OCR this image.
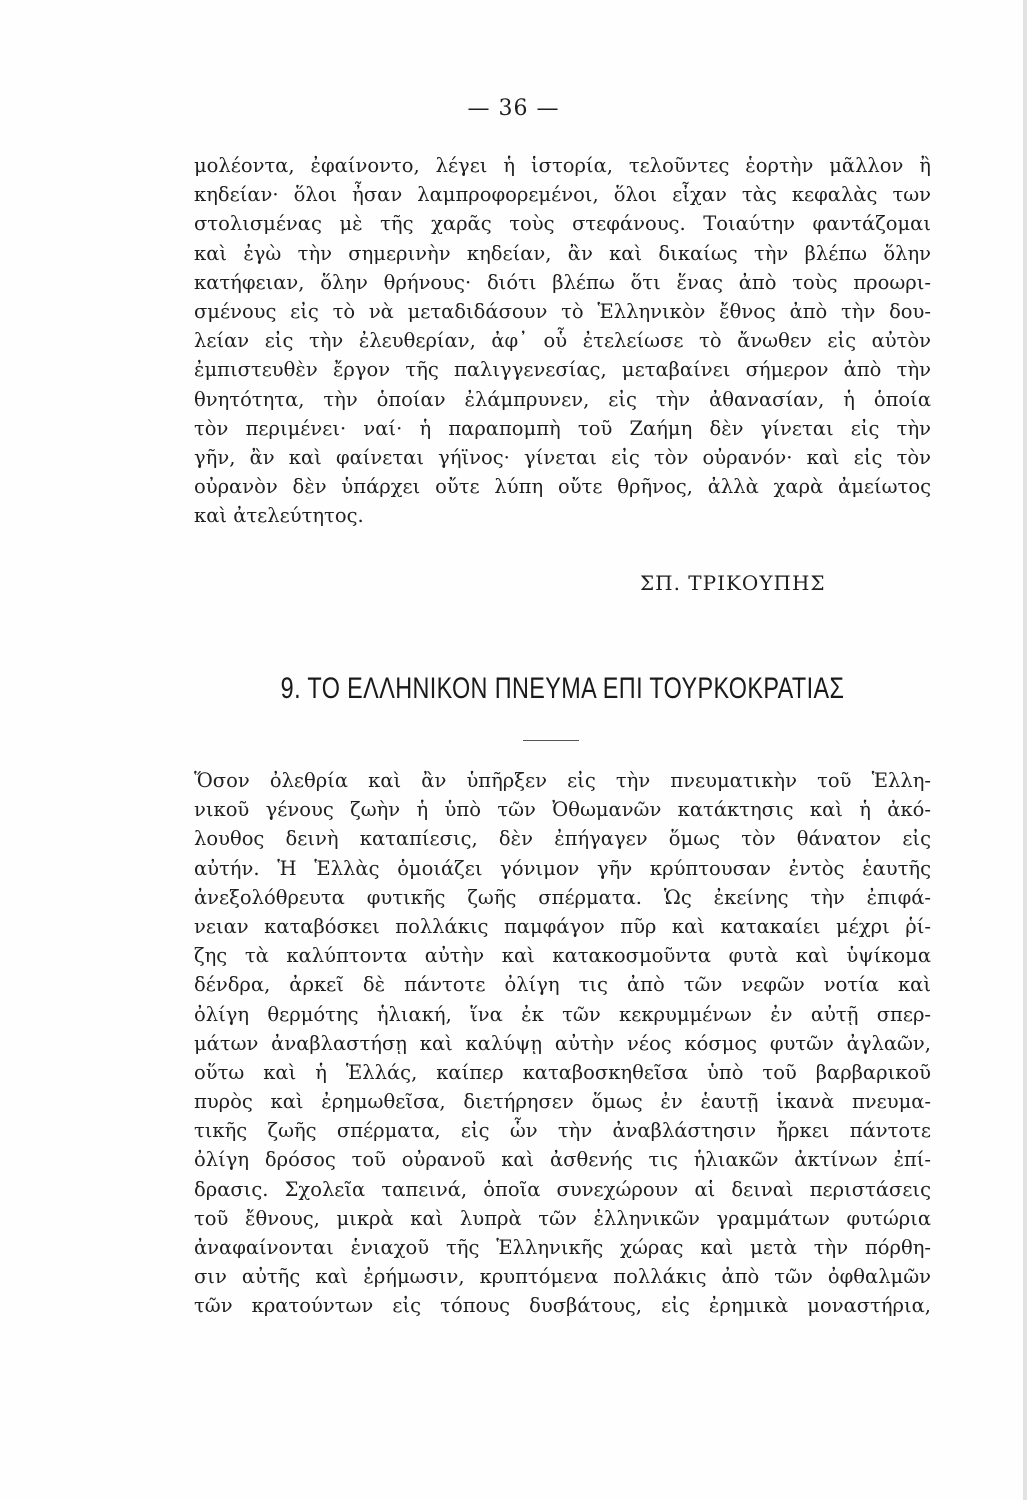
— 36 —
μολέοντα, ἐφαίνοντο, λέγει ἡ ἱστορία, τελοῦντες ἑορτὴν μᾶλλον ἢ
κηδείαν· ὅλοι ἦσαν λαμπροφορεμένοι, ὅλοι εἶχαν τὰς κεφαλὰς των
στολισμένας μὲ τῆς χαρᾶς τοὺς στεφάνους. Τοιαύτην φαντάζομαι
καὶ ἐγὼ τὴν σημερινὴν κηδείαν, ἂν καὶ δικαίως τὴν βλέπω ὅλην
κατήφειαν, ὅλην θρήνους· διότι βλέπω ὅτι ἕνας ἀπὸ τοὺς προωρι-
σμένους εἰς τὸ νὰ μεταδιδάσουν τὸ Ἑλληνικὸν ἔθνος ἀπὸ τὴν δου-
λείαν εἰς τὴν ἐλευθερίαν, ἀφ᾽ οὗ ἐτελείωσε τὸ ἄνωθεν εἰς αὐτὸν
ἐμπιστευθὲν ἔργον τῆς παλιγγενεσίας, μεταβαίνει σήμερον ἀπὸ τὴν
θνητότητα, τὴν ὁποίαν ἐλάμπρυνεν, εἰς τὴν ἀθανασίαν, ἡ ὁποία
τὸν περιμένει· ναί· ἡ παραπομπὴ τοῦ Ζαήμη δὲν γίνεται εἰς τὴν
γῆν, ἂν καὶ φαίνεται γήϊνος· γίνεται εἰς τὸν οὐρανόν· καὶ εἰς τὸν
οὐρανὸν δὲν ὑπάρχει οὔτε λύπη οὔτε θρῆνος, ἀλλὰ χαρὰ ἀμείωτος
καὶ ἀτελεύτητος.
ΣΠ. ΤΡΙΚΟΥΠΗΣ
9. ΤΟ ΕΛΛΗΝΙΚΟΝ ΠΝΕΥΜΑ ΕΠΙ ΤΟΥΡΚΟΚΡΑΤΙΑΣ
Ὅσον ὀλεθρία καὶ ἂν ὑπῆρξεν εἰς τὴν πνευματικὴν τοῦ Ἑλλη-
νικοῦ γένους ζωὴν ἡ ὑπὸ τῶν Ὀθωμανῶν κατάκτησις καὶ ἡ ἀκό-
λουθος δεινὴ καταπίεσις, δὲν ἐπήγαγεν ὅμως τὸν θάνατον εἰς
αὐτήν. Ἡ Ἑλλὰς ὁμοιάζει γόνιμον γῆν κρύπτουσαν ἐντὸς ἑαυτῆς
ἀνεξολόθρευτα φυτικῆς ζωῆς σπέρματα. Ὡς ἐκείνης τὴν ἐπιφά-
νειαν καταβόσκει πολλάκις παμφάγον πῦρ καὶ κατακαίει μέχρι ῥί-
ζης τὰ καλύπτοντα αὐτὴν καὶ κατακοσμοῦντα φυτὰ καὶ ὑψίκομα
δένδρα, ἀρκεῖ δὲ πάντοτε ὀλίγη τις ἀπὸ τῶν νεφῶν νοτία καὶ
ὀλίγη θερμότης ἡλιακή, ἵνα ἐκ τῶν κεκρυμμένων ἐν αὐτῇ σπερ-
μάτων ἀναβλαστήσῃ καὶ καλύψῃ αὐτὴν νέος κόσμος φυτῶν ἀγλαῶν,
οὕτω καὶ ἡ Ἑλλάς, καίπερ καταβοσκηθεῖσα ὑπὸ τοῦ βαρβαρικοῦ
πυρὸς καὶ ἐρημωθεῖσα, διετήρησεν ὅμως ἐν ἑαυτῇ ἱκανὰ πνευμα-
τικῆς ζωῆς σπέρματα, εἰς ὧν τὴν ἀναβλάστησιν ἤρκει πάντοτε
ὀλίγη δρόσος τοῦ οὐρανοῦ καὶ ἀσθενής τις ἡλιακῶν ἀκτίνων ἐπί-
δρασις. Σχολεῖα ταπεινά, ὁποῖα συνεχώρουν αἱ δειναὶ περιστάσεις
τοῦ ἔθνους, μικρὰ καὶ λυπρὰ τῶν ἑλληνικῶν γραμμάτων φυτώρια
ἀναφαίνονται ἑνιαχοῦ τῆς Ἑλληνικῆς χώρας καὶ μετὰ τὴν πόρθη-
σιν αὐτῆς καὶ ἐρήμωσιν, κρυπτόμενα πολλάκις ἀπὸ τῶν ὀφθαλμῶν
τῶν κρατούντων εἰς τόπους δυσβάτους, εἰς ἐρημικὰ μοναστήρια,
